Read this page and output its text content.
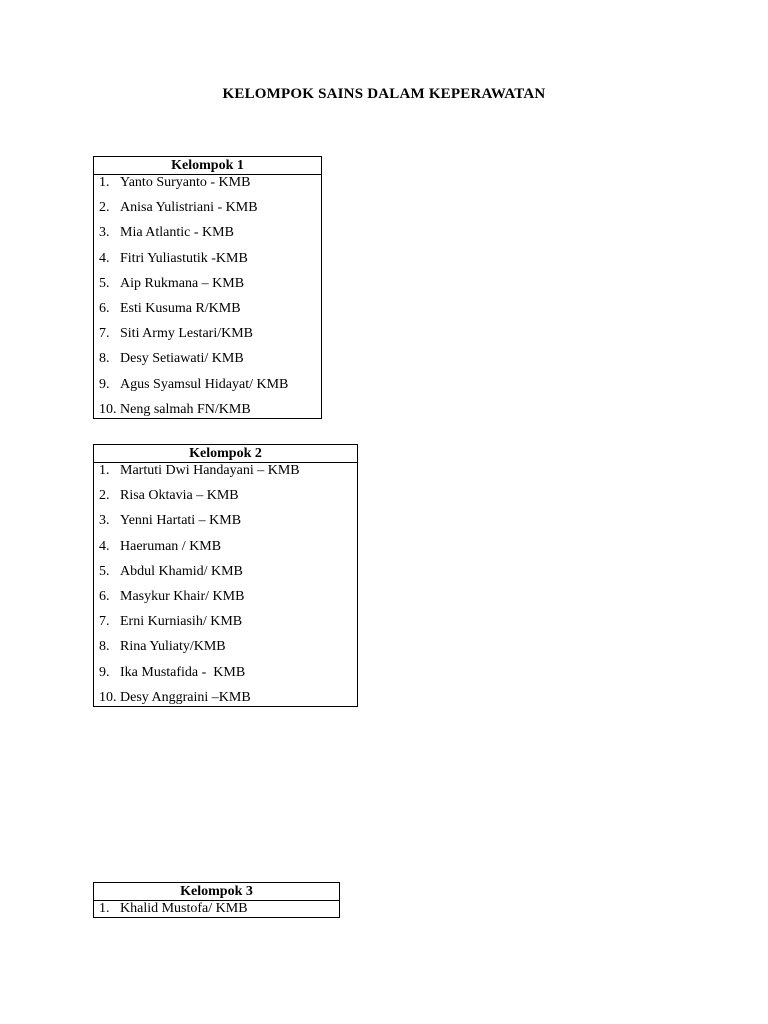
KELOMPOK SAINS DALAM KEPERAWATAN
Kelompok 1
1. Yanto Suryanto - KMB
2. Anisa Yulistriani - KMB
3. Mia Atlantic - KMB
4. Fitri Yuliastutik -KMB
5. Aip Rukmana – KMB
6. Esti Kusuma R/KMB
7. Siti Army Lestari/KMB
8. Desy Setiawati/ KMB
9. Agus Syamsul Hidayat/ KMB
10. Neng salmah FN/KMB
Kelompok 2
1. Martuti Dwi Handayani – KMB
2. Risa Oktavia – KMB
3. Yenni Hartati – KMB
4. Haeruman / KMB
5. Abdul Khamid/ KMB
6. Masykur Khair/ KMB
7. Erni Kurniasih/ KMB
8. Rina Yuliaty/KMB
9. Ika Mustafida -  KMB
10. Desy Anggraini –KMB
Kelompok 3
1. Khalid Mustofa/ KMB
